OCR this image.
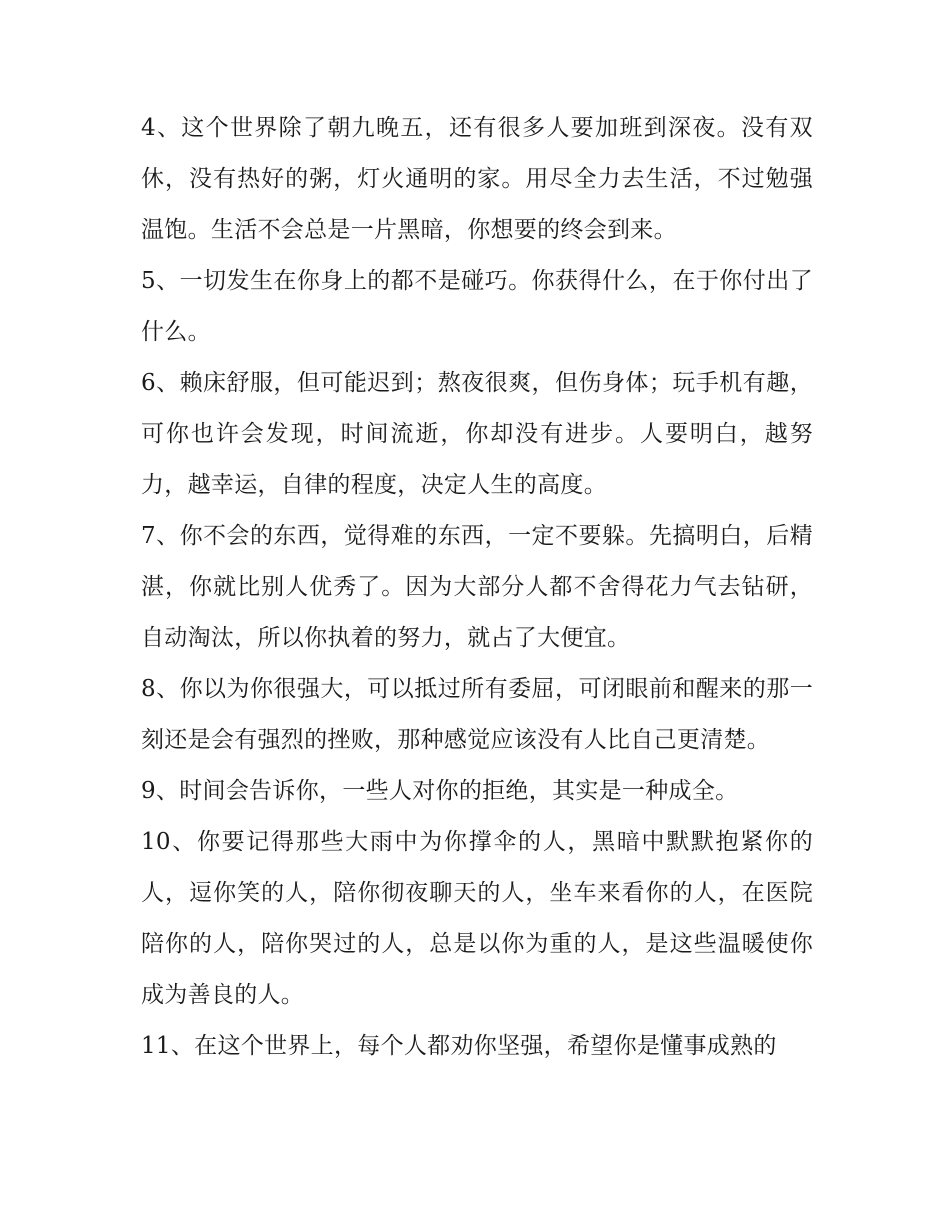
4、这个世界除了朝九晚五，还有很多人要加班到深夜。没有双休，没有热好的粥，灯火通明的家。用尽全力去生活，不过勉强温饱。生活不会总是一片黑暗，你想要的终会到来。

5、一切发生在你身上的都不是碰巧。你获得什么，在于你付出了什么。

6、赖床舒服，但可能迟到；熬夜很爽，但伤身体；玩手机有趣，可你也许会发现，时间流逝，你却没有进步。人要明白，越努力，越幸运，自律的程度，决定人生的高度。

7、你不会的东西，觉得难的东西，一定不要躲。先搞明白，后精湛，你就比别人优秀了。因为大部分人都不舍得花力气去钻研，自动淘汰，所以你执着的努力，就占了大便宜。

8、你以为你很强大，可以抵过所有委屈，可闭眼前和醒来的那一刻还是会有强烈的挫败，那种感觉应该没有人比自己更清楚。

9、时间会告诉你，一些人对你的拒绝，其实是一种成全。

10、你要记得那些大雨中为你撑伞的人，黑暗中默默抱紧你的人，逗你笑的人，陪你彻夜聊天的人，坐车来看你的人，在医院陪你的人，陪你哭过的人，总是以你为重的人，是这些温暖使你成为善良的人。

11、在这个世界上，每个人都劝你坚强，希望你是懂事成熟的
